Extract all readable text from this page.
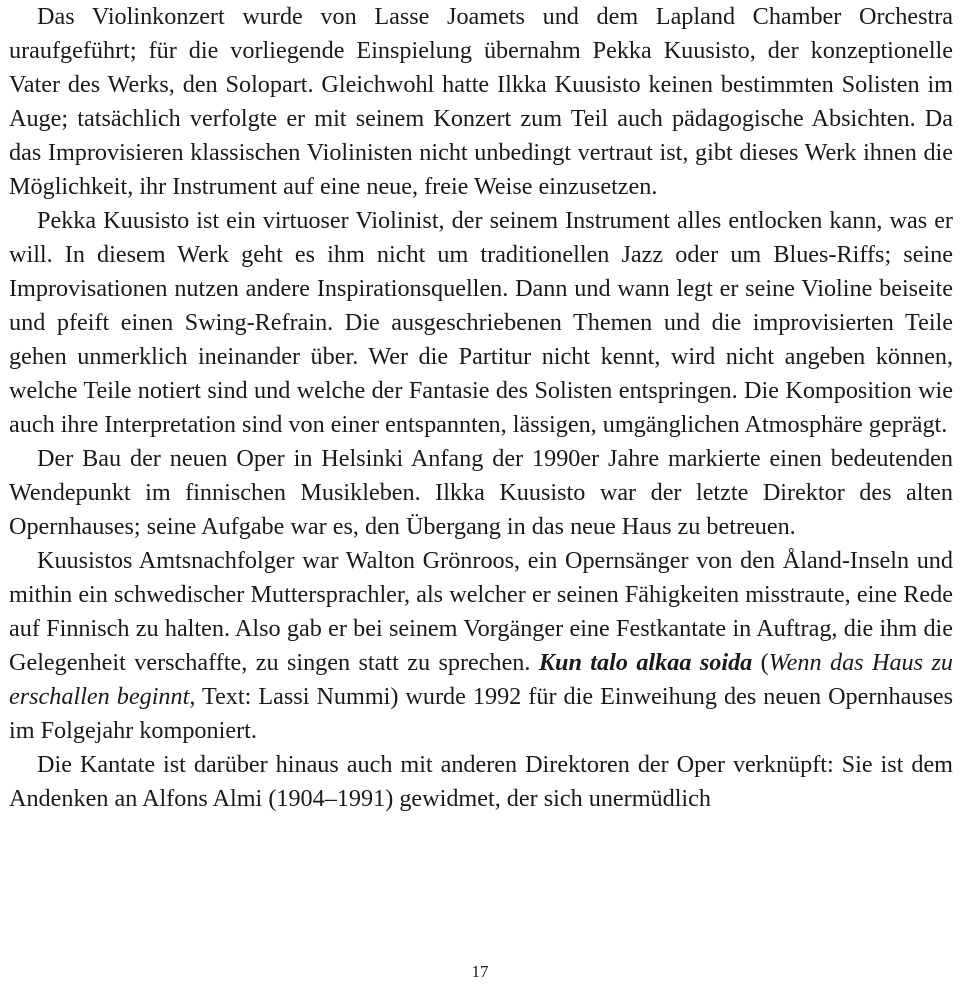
Das Violinkonzert wurde von Lasse Joamets und dem Lapland Chamber Orchestra uraufgeführt; für die vorliegende Einspielung übernahm Pekka Kuusisto, der konzeptionelle Vater des Werks, den Solopart. Gleichwohl hatte Ilkka Kuusisto keinen bestimmten Solisten im Auge; tatsächlich verfolgte er mit seinem Konzert zum Teil auch pädagogische Absichten. Da das Improvisieren klassischen Violinisten nicht unbedingt vertraut ist, gibt dieses Werk ihnen die Möglichkeit, ihr Instrument auf eine neue, freie Weise einzusetzen.

Pekka Kuusisto ist ein virtuoser Violinist, der seinem Instrument alles entlocken kann, was er will. In diesem Werk geht es ihm nicht um traditionellen Jazz oder um Blues-Riffs; seine Improvisationen nutzen andere Inspirationsquellen. Dann und wann legt er seine Violine beiseite und pfeift einen Swing-Refrain. Die ausgeschriebenen Themen und die improvisierten Teile gehen unmerklich ineinander über. Wer die Partitur nicht kennt, wird nicht angeben können, welche Teile notiert sind und welche der Fantasie des Solisten entspringen. Die Komposition wie auch ihre Interpretation sind von einer entspannten, lässigen, umgänglichen Atmosphäre geprägt.

Der Bau der neuen Oper in Helsinki Anfang der 1990er Jahre markierte einen bedeutenden Wendepunkt im finnischen Musikleben. Ilkka Kuusisto war der letzte Direktor des alten Opernhauses; seine Aufgabe war es, den Übergang in das neue Haus zu betreuen.

Kuusistos Amtsnachfolger war Walton Grönroos, ein Opernsänger von den Åland-Inseln und mithin ein schwedischer Muttersprachler, als welcher er seinen Fähigkeiten misstraute, eine Rede auf Finnisch zu halten. Also gab er bei seinem Vorgänger eine Festkantate in Auftrag, die ihm die Gelegenheit verschaffte, zu singen statt zu sprechen. Kun talo alkaa soida (Wenn das Haus zu erschallen beginnt, Text: Lassi Nummi) wurde 1992 für die Einweihung des neuen Opernhauses im Folgejahr komponiert.

Die Kantate ist darüber hinaus auch mit anderen Direktoren der Oper verknüpft: Sie ist dem Andenken an Alfons Almi (1904–1991) gewidmet, der sich unermüdlich

17
